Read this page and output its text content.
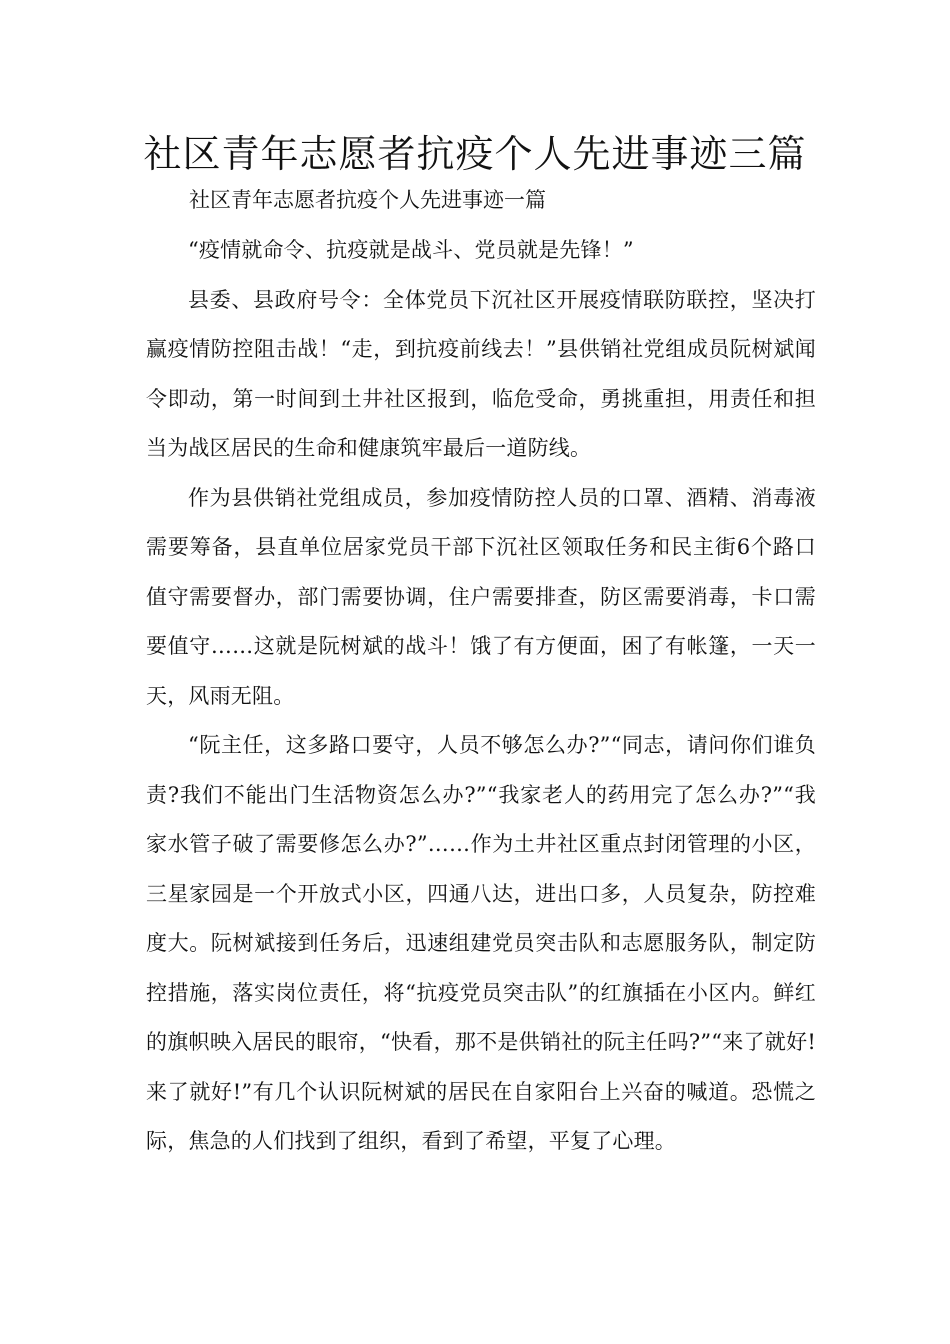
社区青年志愿者抗疫个人先进事迹三篇

社区青年志愿者抗疫个人先进事迹一篇

“疫情就命令、抗疫就是战斗、党员就是先锋！”

县委、县政府号令：全体党员下沉社区开展疫情联防联控，坚决打赢疫情防控阻击战！“走，到抗疫前线去！”县供销社党组成员阮树斌闻令即动，第一时间到土井社区报到，临危受命，勇挑重担，用责任和担当为战区居民的生命和健康筑牢最后一道防线。

作为县供销社党组成员，参加疫情防控人员的口罩、酒精、消毒液需要筹备，县直单位居家党员干部下沉社区领取任务和民主街6个路口值守需要督办，部门需要协调，住户需要排查，防区需要消毒，卡口需要值守……这就是阮树斌的战斗！饿了有方便面，困了有帐篷，一天一天，风雨无阻。

“阮主任，这多路口要守，人员不够怎么办?”“同志，请问你们谁负责?我们不能出门生活物资怎么办?”“我家老人的药用完了怎么办?”“我家水管子破了需要修怎么办?”……作为土井社区重点封闭管理的小区，三星家园是一个开放式小区，四通八达，进出口多，人员复杂，防控难度大。阮树斌接到任务后，迅速组建党员突击队和志愿服务队，制定防控措施，落实岗位责任，将“抗疫党员突击队”的红旗插在小区内。鲜红的旗帜映入居民的眼帘，“快看，那不是供销社的阮主任吗?”“来了就好!来了就好!”有几个认识阮树斌的居民在自家阳台上兴奋的喊道。恐慌之际，焦急的人们找到了组织，看到了希望，平复了心理。
